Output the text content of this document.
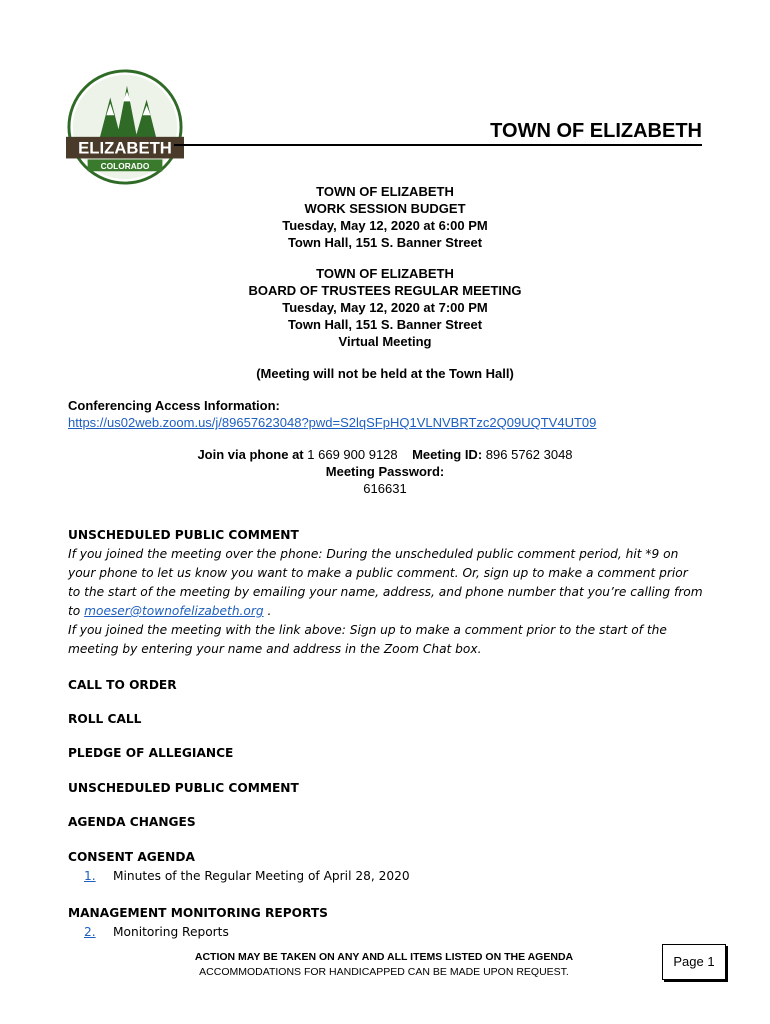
ELIZABETH
COLORADO
TOWN OF ELIZABETH
TOWN OF ELIZABETH
WORK SESSION BUDGET
Tuesday, May 12, 2020 at 6:00 PM
Town Hall, 151 S. Banner Street
TOWN OF ELIZABETH
BOARD OF TRUSTEES REGULAR MEETING
Tuesday, May 12, 2020 at 7:00 PM
Town Hall, 151 S. Banner Street
Virtual Meeting
(Meeting will not be held at the Town Hall)
Conferencing Access Information:
https://us02web.zoom.us/j/89657623048?pwd=S2lqSFpHQ1VLNVBRTzc2Q09UQTV4UT09
Join via phone at 1 669 900 9128 Meeting ID: 896 5762 3048
Meeting Password:
616631
UNSCHEDULED PUBLIC COMMENT
If you joined the meeting over the phone: During the unscheduled public comment period, hit *9 on
your phone to let us know you want to make a public comment. Or, sign up to make a comment prior
to the start of the meeting by emailing your name, address, and phone number that you’re calling from
to moeser@townofelizabeth.org .
If you joined the meeting with the link above: Sign up to make a comment prior to the start of the
meeting by entering your name and address in the Zoom Chat box.
CALL TO ORDER
ROLL CALL
PLEDGE OF ALLEGIANCE
UNSCHEDULED PUBLIC COMMENT
AGENDA CHANGES
CONSENT AGENDA
1. Minutes of the Regular Meeting of April 28, 2020
MANAGEMENT MONITORING REPORTS
2. Monitoring Reports
ACTION MAY BE TAKEN ON ANY AND ALL ITEMS LISTED ON THE AGENDA
ACCOMMODATIONS FOR HANDICAPPED CAN BE MADE UPON REQUEST.
Page 1
